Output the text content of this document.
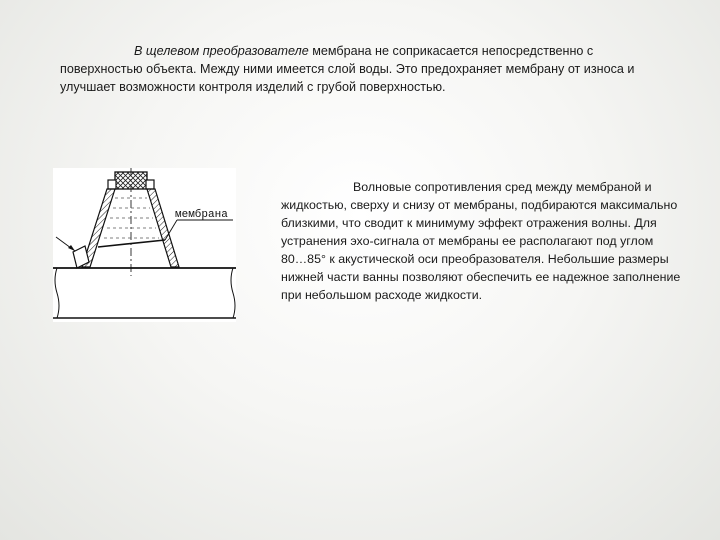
В щелевом преобразователе мембрана не соприкасается непосредственно с поверхностью объекта. Между ними имеется слой воды. Это предохраняет мембрану от износа и улучшает возможности контроля изделий с грубой поверхностью.

мембрана

Волновые сопротивления сред между мембраной и жидкостью, сверху и снизу от мембраны, подбираются максимально близкими, что сводит к минимуму эффект отражения волны. Для устранения эхо-сигнала от мембраны ее располагают под углом 80…85° к акустической оси преобразователя. Небольшие размеры нижней части ванны позволяют обеспечить ее надежное заполнение при небольшом расходе жидкости.
